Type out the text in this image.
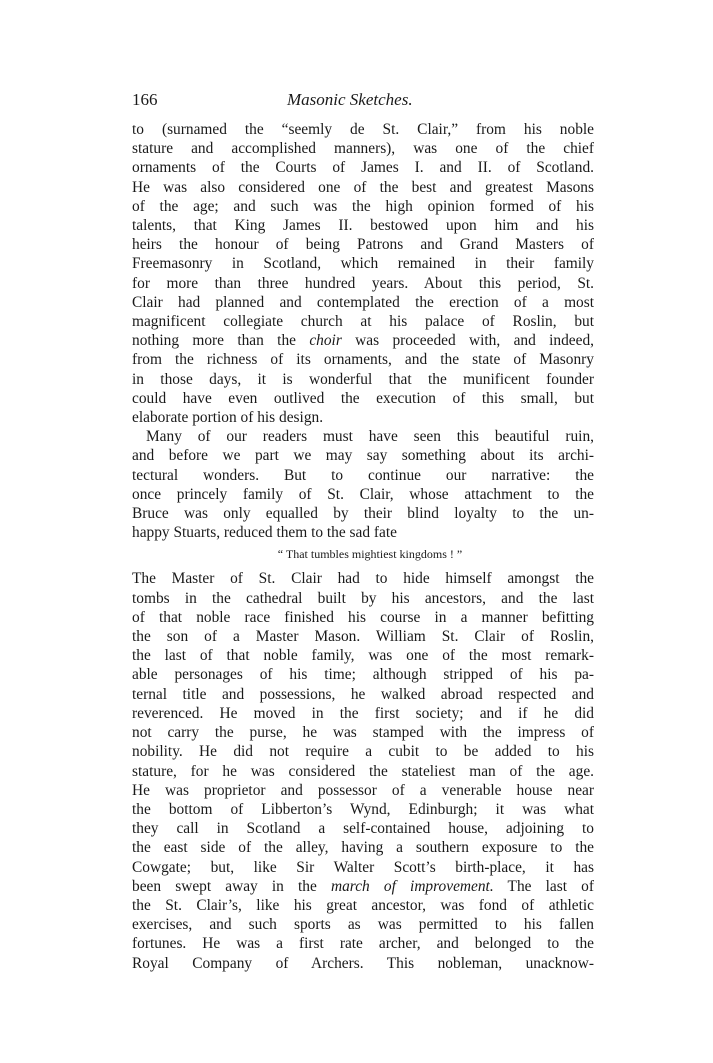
166	Masonic Sketches.
to (surnamed the “seemly de St. Clair,” from his noble
stature and accomplished manners), was one of the chief
ornaments of the Courts of James I. and II. of Scotland.
He was also considered one of the best and greatest Masons
of the age; and such was the high opinion formed of his
talents, that King James II. bestowed upon him and his
heirs the honour of being Patrons and Grand Masters of
Freemasonry in Scotland, which remained in their family
for more than three hundred years. About this period, St.
Clair had planned and contemplated the erection of a most
magnificent collegiate church at his palace of Roslin, but
nothing more than the choir was proceeded with, and indeed,
from the richness of its ornaments, and the state of Masonry
in those days, it is wonderful that the munificent founder
could have even outlived the execution of this small, but
elaborate portion of his design.
Many of our readers must have seen this beautiful ruin,
and before we part we may say something about its archi-
tectural wonders. But to continue our narrative: the
once princely family of St. Clair, whose attachment to the
Bruce was only equalled by their blind loyalty to the un-
happy Stuarts, reduced them to the sad fate
“ That tumbles mightiest kingdoms ! ”
The Master of St. Clair had to hide himself amongst the
tombs in the cathedral built by his ancestors, and the last
of that noble race finished his course in a manner befitting
the son of a Master Mason. William St. Clair of Roslin,
the last of that noble family, was one of the most remark-
able personages of his time; although stripped of his pa-
ternal title and possessions, he walked abroad respected and
reverenced. He moved in the first society; and if he did
not carry the purse, he was stamped with the impress of
nobility. He did not require a cubit to be added to his
stature, for he was considered the stateliest man of the age.
He was proprietor and possessor of a venerable house near
the bottom of Libberton’s Wynd, Edinburgh; it was what
they call in Scotland a self-contained house, adjoining to
the east side of the alley, having a southern exposure to the
Cowgate; but, like Sir Walter Scott’s birth-place, it has
been swept away in the march of improvement. The last of
the St. Clair’s, like his great ancestor, was fond of athletic
exercises, and such sports as was permitted to his fallen
fortunes. He was a first rate archer, and belonged to the
Royal Company of Archers. This nobleman, unacknow-
